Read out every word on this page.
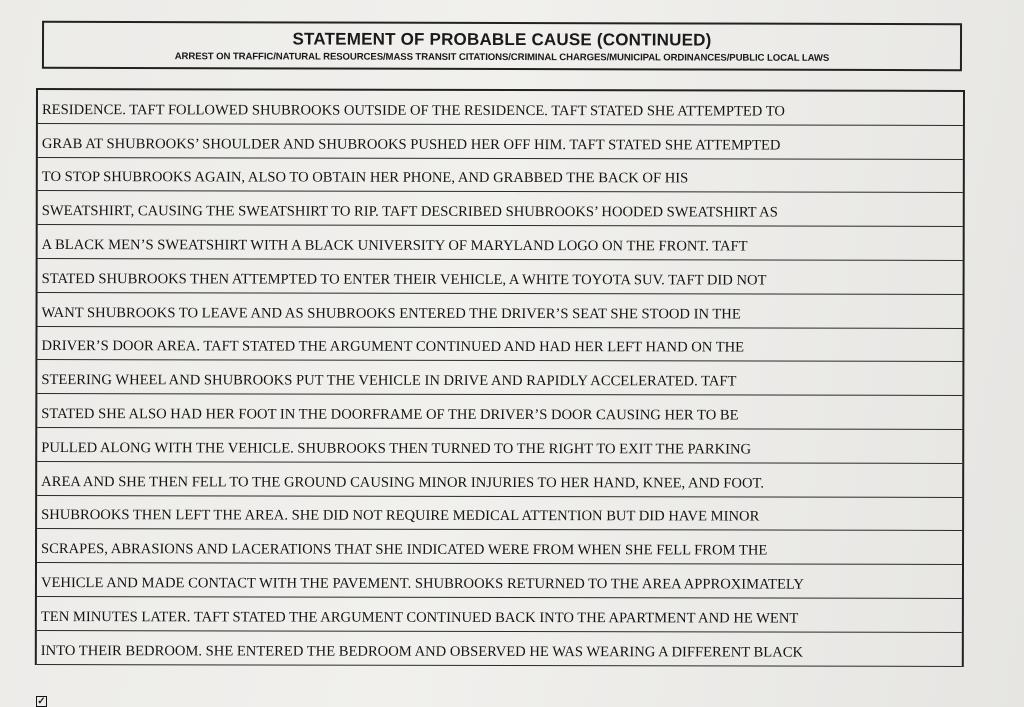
STATEMENT OF PROBABLE CAUSE (CONTINUED)
ARREST ON TRAFFIC/NATURAL RESOURCES/MASS TRANSIT CITATIONS/CRIMINAL CHARGES/MUNICIPAL ORDINANCES/PUBLIC LOCAL LAWS
RESIDENCE. TAFT FOLLOWED SHUBROOKS OUTSIDE OF THE RESIDENCE. TAFT STATED SHE ATTEMPTED TO
GRAB AT SHUBROOKS’ SHOULDER AND SHUBROOKS PUSHED HER OFF HIM. TAFT STATED SHE ATTEMPTED
TO STOP SHUBROOKS AGAIN, ALSO TO OBTAIN HER PHONE, AND GRABBED THE BACK OF HIS
SWEATSHIRT, CAUSING THE SWEATSHIRT TO RIP. TAFT DESCRIBED SHUBROOKS’ HOODED SWEATSHIRT AS
A BLACK MEN’S SWEATSHIRT WITH A BLACK UNIVERSITY OF MARYLAND LOGO ON THE FRONT. TAFT
STATED SHUBROOKS THEN ATTEMPTED TO ENTER THEIR VEHICLE, A WHITE TOYOTA SUV. TAFT DID NOT
WANT SHUBROOKS TO LEAVE AND AS SHUBROOKS ENTERED THE DRIVER’S SEAT SHE STOOD IN THE
DRIVER’S DOOR AREA. TAFT STATED THE ARGUMENT CONTINUED AND HAD HER LEFT HAND ON THE
STEERING WHEEL AND SHUBROOKS PUT THE VEHICLE IN DRIVE AND RAPIDLY ACCELERATED. TAFT
STATED SHE ALSO HAD HER FOOT IN THE DOORFRAME OF THE DRIVER’S DOOR CAUSING HER TO BE
PULLED ALONG WITH THE VEHICLE. SHUBROOKS THEN TURNED TO THE RIGHT TO EXIT THE PARKING
AREA AND SHE THEN FELL TO THE GROUND CAUSING MINOR INJURIES TO HER HAND, KNEE, AND FOOT.
SHUBROOKS THEN LEFT THE AREA. SHE DID NOT REQUIRE MEDICAL ATTENTION BUT DID HAVE MINOR
SCRAPES, ABRASIONS AND LACERATIONS THAT SHE INDICATED WERE FROM WHEN SHE FELL FROM THE
VEHICLE AND MADE CONTACT WITH THE PAVEMENT. SHUBROOKS RETURNED TO THE AREA APPROXIMATELY
TEN MINUTES LATER. TAFT STATED THE ARGUMENT CONTINUED BACK INTO THE APARTMENT AND HE WENT
INTO THEIR BEDROOM. SHE ENTERED THE BEDROOM AND OBSERVED HE WAS WEARING A DIFFERENT BLACK
✓
